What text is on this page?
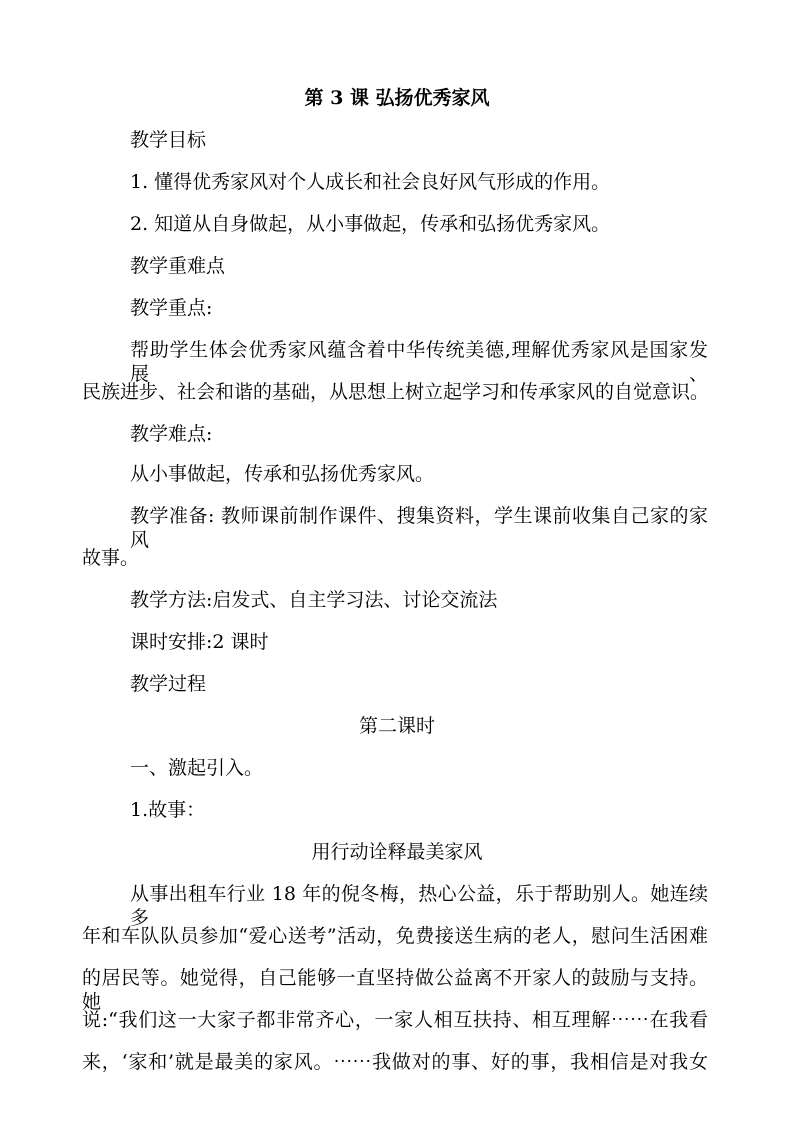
第 3 课 弘扬优秀家风
教学目标
1. 懂得优秀家风对个人成长和社会良好风气形成的作用。
2. 知道从自身做起，从小事做起，传承和弘扬优秀家风。
教学重难点
教学重点:
帮助学生体会优秀家风蕴含着中华传统美德,理解优秀家风是国家发展、
民族进步、社会和谐的基础，从思想上树立起学习和传承家风的自觉意识。
教学难点:
从小事做起，传承和弘扬优秀家风。
教学准备: 教师课前制作课件、搜集资料，学生课前收集自己家的家风
故事。
教学方法:启发式、自主学习法、讨论交流法
课时安排:2 课时
教学过程
第二课时
一、激起引入。
1.故事：
用行动诠释最美家风
从事出租车行业 18 年的倪冬梅，热心公益，乐于帮助别人。她连续多
年和车队队员参加“爱心送考”活动，免费接送生病的老人，慰问生活困难
的居民等。她觉得，自己能够一直坚持做公益离不开家人的鼓励与支持。她
说:“我们这一大家子都非常齐心，一家人相互扶持、相互理解⋯⋯在我看
来，‘家和’就是最美的家风。⋯⋯我做对的事、好的事，我相信是对我女
